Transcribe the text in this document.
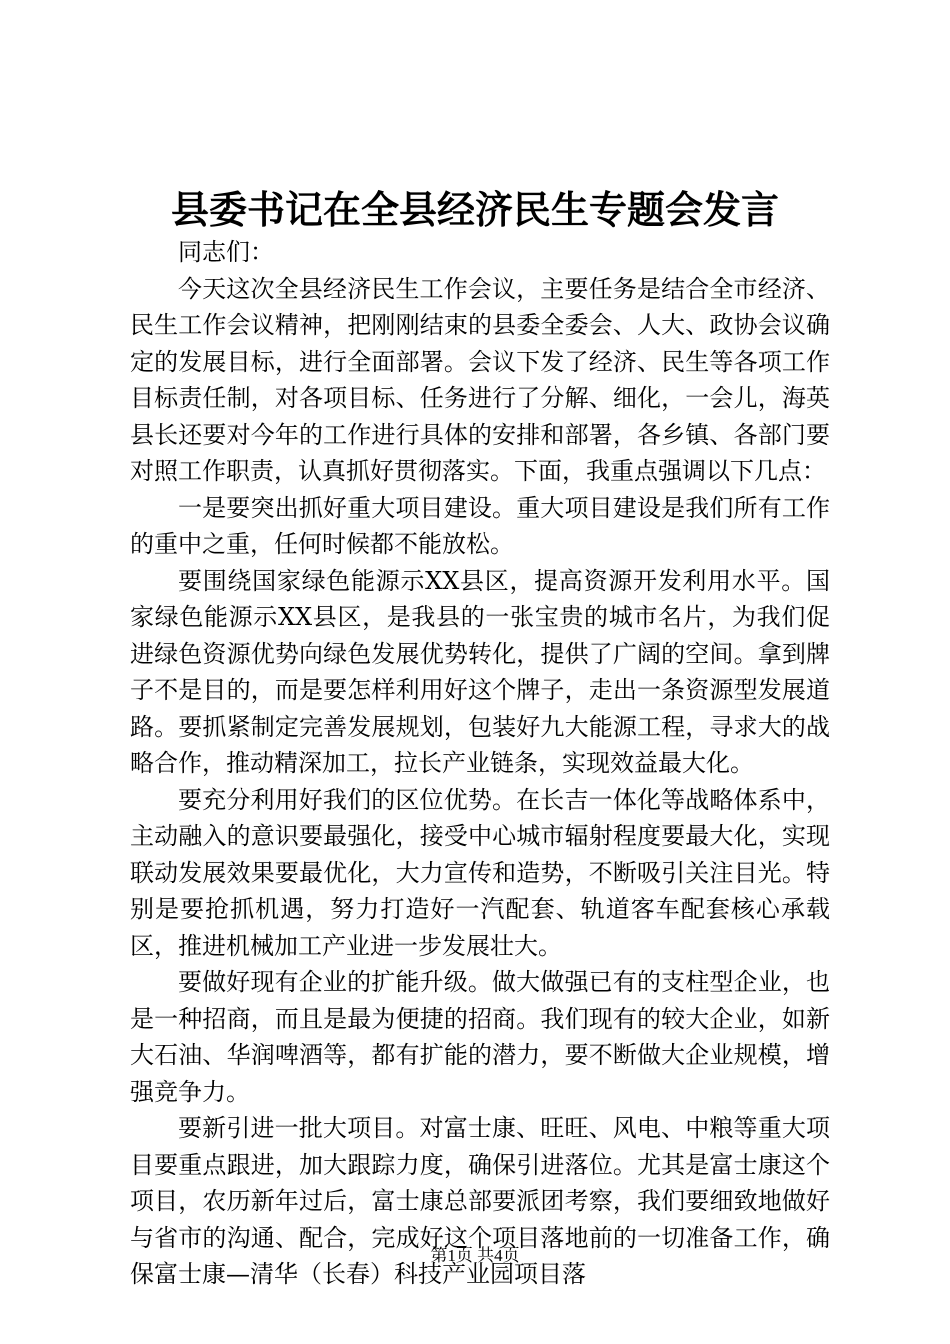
县委书记在全县经济民生专题会发言

同志们：

今天这次全县经济民生工作会议，主要任务是结合全市经济、民生工作会议精神，把刚刚结束的县委全委会、人大、政协会议确定的发展目标，进行全面部署。会议下发了经济、民生等各项工作目标责任制，对各项目标、任务进行了分解、细化，一会儿，海英县长还要对今年的工作进行具体的安排和部署，各乡镇、各部门要对照工作职责，认真抓好贯彻落实。下面，我重点强调以下几点：

一是要突出抓好重大项目建设。重大项目建设是我们所有工作的重中之重，任何时候都不能放松。

要围绕国家绿色能源示XX县区，提高资源开发利用水平。国家绿色能源示XX县区，是我县的一张宝贵的城市名片，为我们促进绿色资源优势向绿色发展优势转化，提供了广阔的空间。拿到牌子不是目的，而是要怎样利用好这个牌子，走出一条资源型发展道路。要抓紧制定完善发展规划，包装好九大能源工程，寻求大的战略合作，推动精深加工，拉长产业链条，实现效益最大化。

要充分利用好我们的区位优势。在长吉一体化等战略体系中，主动融入的意识要最强化，接受中心城市辐射程度要最大化，实现联动发展效果要最优化，大力宣传和造势，不断吸引关注目光。特别是要抢抓机遇，努力打造好一汽配套、轨道客车配套核心承载区，推进机械加工产业进一步发展壮大。

要做好现有企业的扩能升级。做大做强已有的支柱型企业，也是一种招商，而且是最为便捷的招商。我们现有的较大企业，如新大石油、华润啤酒等，都有扩能的潜力，要不断做大企业规模，增强竞争力。

要新引进一批大项目。对富士康、旺旺、风电、中粮等重大项目要重点跟进，加大跟踪力度，确保引进落位。尤其是富士康这个项目，农历新年过后，富士康总部要派团考察，我们要细致地做好与省市的沟通、配合，完成好这个项目落地前的一切准备工作，确保富士康—清华（长春）科技产业园项目落

第1页 共4页
